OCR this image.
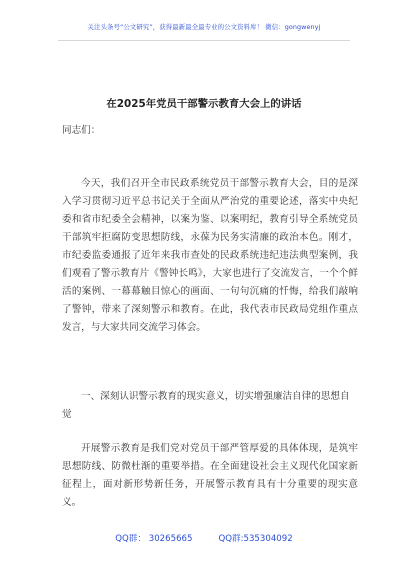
关注头条号“公文研究”，获得最新最全最专业的公文资料库！ 微信：gongwenyj
在2025年党员干部警示教育大会上的讲话
同志们：

今天，我们召开全市民政系统党员干部警示教育大会，目的是深入学习贯彻习近平总书记关于全面从严治党的重要论述，落实中央纪委和省市纪委全会精神，以案为鉴、以案明纪，教育引导全系统党员干部筑牢拒腐防变思想防线，永葆为民务实清廉的政治本色。刚才，市纪委监委通报了近年来我市查处的民政系统违纪违法典型案例，我们观看了警示教育片《警钟长鸣》，大家也进行了交流发言，一个个鲜活的案例、一幕幕触目惊心的画面、一句句沉痛的忏悔，给我们敲响了警钟，带来了深刻警示和教育。在此，我代表市民政局党组作重点发言，与大家共同交流学习体会。

一、深刻认识警示教育的现实意义，切实增强廉洁自律的思想自觉

开展警示教育是我们党对党员干部严管厚爱的具体体现，是筑牢思想防线、防微杜渐的重要举措。在全面建设社会主义现代化国家新征程上，面对新形势新任务，开展警示教育具有十分重要的现实意义。

QQ群： 30265665	QQ群:535304092
